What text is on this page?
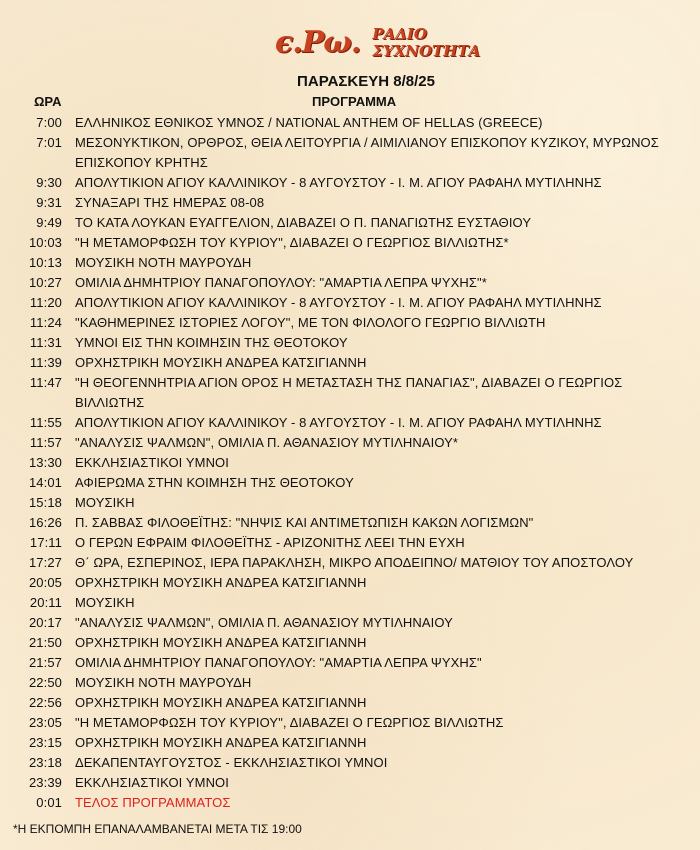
ϵ.Ρω. ΡΑΔΙΟ
ΣΥΧΝΟΤΗΤΑ
ΠΑΡΑΣΚΕΥΗ 8/8/25
ΩΡΑ	ΠΡΟΓΡΑΜΜΑ
7:00 ΕΛΛΗΝΙΚΟΣ ΕΘΝΙΚΟΣ ΥΜΝΟΣ / NATIONAL ANTHEM OF HELLAS (GREECE)
7:01 ΜΕΣΟΝΥΚΤΙΚΟΝ, ΟΡΘΡΟΣ, ΘΕΙΑ ΛΕΙΤΟΥΡΓΙΑ / ΑΙΜΙΛΙΑΝΟΥ ΕΠΙΣΚΟΠΟΥ ΚΥΖΙΚΟΥ, ΜΥΡΩΝΟΣ ΕΠΙΣΚΟΠΟΥ ΚΡΗΤΗΣ
9:30 ΑΠΟΛΥΤΙΚΙΟΝ ΑΓΙΟΥ ΚΑΛΛΙΝΙΚΟΥ - 8 ΑΥΓΟΥΣΤΟΥ - Ι. Μ. ΑΓΙΟΥ ΡΑΦΑΗΛ ΜΥΤΙΛΗΝΗΣ
9:31 ΣΥΝΑΞΑΡΙ ΤΗΣ ΗΜΕΡΑΣ 08-08
9:49 ΤΟ ΚΑΤΑ ΛΟΥΚΑΝ ΕΥΑΓΓΕΛΙΟΝ, ΔΙΑΒΑΖΕΙ Ο Π. ΠΑΝΑΓΙΩΤΗΣ ΕΥΣΤΑΘΙΟΥ
10:03 "Η ΜΕΤΑΜΟΡΦΩΣΗ ΤΟΥ ΚΥΡΙΟΥ", ΔΙΑΒΑΖΕΙ Ο ΓΕΩΡΓΙΟΣ ΒΙΛΛΙΩΤΗΣ*
10:13 ΜΟΥΣΙΚΗ ΝΟΤΗ ΜΑΥΡΟΥΔΗ
10:27 ΟΜΙΛΙΑ ΔΗΜΗΤΡΙΟΥ ΠΑΝΑΓΟΠΟΥΛΟΥ: "ΑΜΑΡΤΙΑ ΛΕΠΡΑ ΨΥΧΗΣ"*
11:20 ΑΠΟΛΥΤΙΚΙΟΝ ΑΓΙΟΥ ΚΑΛΛΙΝΙΚΟΥ - 8 ΑΥΓΟΥΣΤΟΥ - Ι. Μ. ΑΓΙΟΥ ΡΑΦΑΗΛ ΜΥΤΙΛΗΝΗΣ
11:24 "ΚΑΘΗΜΕΡΙΝΕΣ ΙΣΤΟΡΙΕΣ ΛΟΓΟΥ", ΜΕ ΤΟΝ ΦΙΛΟΛΟΓΟ ΓΕΩΡΓΙΟ ΒΙΛΛΙΩΤΗ
11:31 ΥΜΝΟΙ ΕΙΣ ΤΗΝ ΚΟΙΜΗΣΙΝ ΤΗΣ ΘΕΟΤΟΚΟΥ
11:39 ΟΡΧΗΣΤΡΙΚΗ ΜΟΥΣΙΚΗ ΑΝΔΡΕΑ ΚΑΤΣΙΓΙΑΝΝΗ
11:47 "Η ΘΕΟΓΕΝΝΗΤΡΙΑ ΑΓΙΟΝ ΟΡΟΣ Η ΜΕΤΑΣΤΑΣΗ ΤΗΣ ΠΑΝΑΓΙΑΣ", ΔΙΑΒΑΖΕΙ Ο ΓΕΩΡΓΙΟΣ ΒΙΛΛΙΩΤΗΣ
11:55 ΑΠΟΛΥΤΙΚΙΟΝ ΑΓΙΟΥ ΚΑΛΛΙΝΙΚΟΥ - 8 ΑΥΓΟΥΣΤΟΥ - Ι. Μ. ΑΓΙΟΥ ΡΑΦΑΗΛ ΜΥΤΙΛΗΝΗΣ
11:57 "ΑΝΑΛΥΣΙΣ ΨΑΛΜΩΝ", ΟΜΙΛΙΑ Π. ΑΘΑΝΑΣΙΟΥ ΜΥΤΙΛΗΝΑΙΟΥ*
13:30 ΕΚΚΛΗΣΙΑΣΤΙΚΟΙ ΥΜΝΟΙ
14:01 ΑΦΙΕΡΩΜΑ ΣΤΗΝ ΚΟΙΜΗΣΗ ΤΗΣ ΘΕΟΤΟΚΟΥ
15:18 ΜΟΥΣΙΚΗ
16:26 Π. ΣΑΒΒΑΣ ΦΙΛΟΘΕΪΤΗΣ: "ΝΗΨΙΣ ΚΑΙ ΑΝΤΙΜΕΤΩΠΙΣΗ ΚΑΚΩΝ ΛΟΓΙΣΜΩΝ"
17:11 Ο ΓΕΡΩΝ ΕΦΡΑΙΜ ΦΙΛΟΘΕΪΤΗΣ - ΑΡΙΖΟΝΙΤΗΣ ΛΕΕΙ ΤΗΝ ΕΥΧΗ
17:27 Θ΄ ΩΡΑ, ΕΣΠΕΡΙΝΟΣ, ΙΕΡΑ ΠΑΡΑΚΛΗΣΗ, ΜΙΚΡΟ ΑΠΟΔΕΙΠΝΟ/ ΜΑΤΘΙΟΥ ΤΟΥ ΑΠΟΣΤΟΛΟΥ
20:05 ΟΡΧΗΣΤΡΙΚΗ ΜΟΥΣΙΚΗ ΑΝΔΡΕΑ ΚΑΤΣΙΓΙΑΝΝΗ
20:11 ΜΟΥΣΙΚΗ
20:17 "ΑΝΑΛΥΣΙΣ ΨΑΛΜΩΝ", ΟΜΙΛΙΑ Π. ΑΘΑΝΑΣΙΟΥ ΜΥΤΙΛΗΝΑΙΟΥ
21:50 ΟΡΧΗΣΤΡΙΚΗ ΜΟΥΣΙΚΗ ΑΝΔΡΕΑ ΚΑΤΣΙΓΙΑΝΝΗ
21:57 ΟΜΙΛΙΑ ΔΗΜΗΤΡΙΟΥ ΠΑΝΑΓΟΠΟΥΛΟΥ: "ΑΜΑΡΤΙΑ ΛΕΠΡΑ ΨΥΧΗΣ"
22:50 ΜΟΥΣΙΚΗ ΝΟΤΗ ΜΑΥΡΟΥΔΗ
22:56 ΟΡΧΗΣΤΡΙΚΗ ΜΟΥΣΙΚΗ ΑΝΔΡΕΑ ΚΑΤΣΙΓΙΑΝΝΗ
23:05 "Η ΜΕΤΑΜΟΡΦΩΣΗ ΤΟΥ ΚΥΡΙΟΥ", ΔΙΑΒΑΖΕΙ Ο ΓΕΩΡΓΙΟΣ ΒΙΛΛΙΩΤΗΣ
23:15 ΟΡΧΗΣΤΡΙΚΗ ΜΟΥΣΙΚΗ ΑΝΔΡΕΑ ΚΑΤΣΙΓΙΑΝΝΗ
23:18 ΔΕΚΑΠΕΝΤΑΥΓΟΥΣΤΟΣ - ΕΚΚΛΗΣΙΑΣΤΙΚΟΙ ΥΜΝΟΙ
23:39 ΕΚΚΛΗΣΙΑΣΤΙΚΟΙ ΥΜΝΟΙ
0:01 ΤΕΛΟΣ ΠΡΟΓΡΑΜΜΑΤΟΣ
*Η ΕΚΠΟΜΠΗ ΕΠΑΝΑΛΑΜΒΑΝΕΤΑΙ ΜΕΤΑ ΤΙΣ 19:00
